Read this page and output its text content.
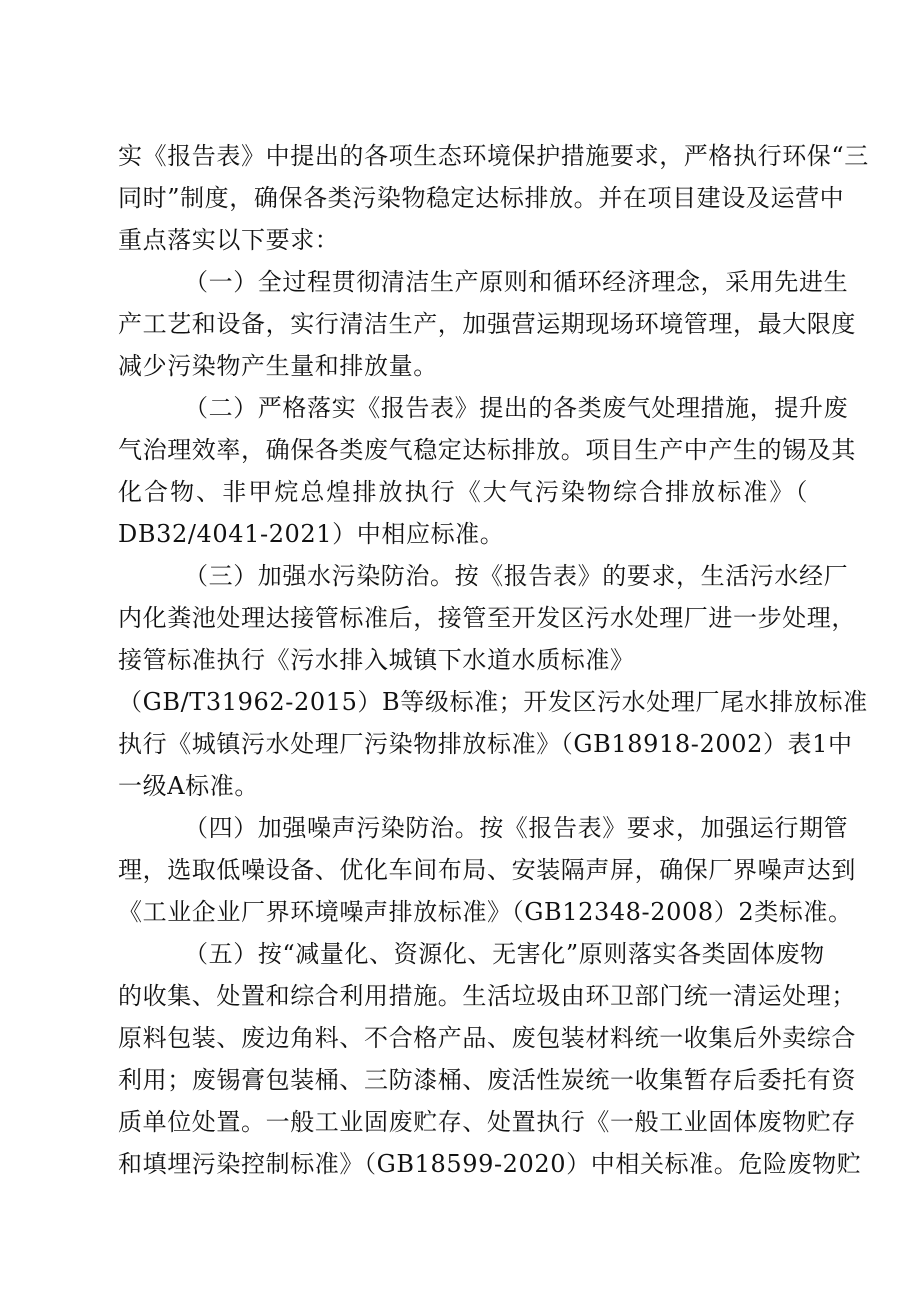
实《报告表》中提出的各项生态环境保护措施要求，严格执行环保“三
同时”制度，确保各类污染物稳定达标排放。并在项目建设及运营中
重点落实以下要求：
（一）全过程贯彻清洁生产原则和循环经济理念，采用先进生
产工艺和设备，实行清洁生产，加强营运期现场环境管理，最大限度
减少污染物产生量和排放量。
（二）严格落实《报告表》提出的各类废气处理措施，提升废
气治理效率，确保各类废气稳定达标排放。项目生产中产生的锡及其
化合物、非甲烷总煌排放执行《大气污染物综合排放标准》（
DB32/4041-2021）中相应标准。
（三）加强水污染防治。按《报告表》的要求，生活污水经厂
内化粪池处理达接管标准后，接管至开发区污水处理厂进一步处理，
接管标准执行《污水排入城镇下水道水质标准》
（GB/T31962-2015）B等级标准；开发区污水处理厂尾水排放标准
执行《城镇污水处理厂污染物排放标准》（GB18918-2002）表1中
一级A标准。
（四）加强噪声污染防治。按《报告表》要求，加强运行期管
理，选取低噪设备、优化车间布局、安装隔声屏，确保厂界噪声达到
《工业企业厂界环境噪声排放标准》（GB12348-2008）2类标准。
（五）按“减量化、资源化、无害化”原则落实各类固体废物
的收集、处置和综合利用措施。生活垃圾由环卫部门统一清运处理；
原料包装、废边角料、不合格产品、废包装材料统一收集后外卖综合
利用；废锡膏包装桶、三防漆桶、废活性炭统一收集暂存后委托有资
质单位处置。一般工业固废贮存、处置执行《一般工业固体废物贮存
和填埋污染控制标准》（GB18599-2020）中相关标准。危险废物贮
